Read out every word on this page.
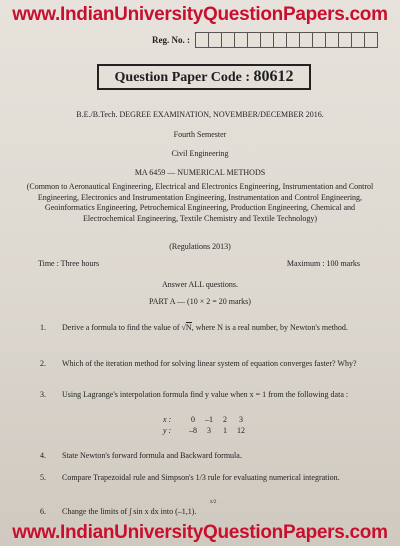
www.IndianUniversityQuestionPapers.com
Reg. No. :
Question Paper Code : 80612
B.E./B.Tech. DEGREE EXAMINATION, NOVEMBER/DECEMBER 2016.
Fourth Semester
Civil Engineering
MA 6459 — NUMERICAL METHODS
(Common to Aeronautical Engineering, Electrical and Electronics Engineering, Instrumentation and Control Engineering, Electronics and Instrumentation Engineering, Instrumentation and Control Engineering, Geoinformatics Engineering, Petrochemical Engineering, Production Engineering, Chemical and Electrochemical Engineering, Textile Chemistry and Textile Technology)
(Regulations 2013)
Time : Three hours	Maximum : 100 marks
Answer ALL questions.
PART A — (10 × 2 = 20 marks)
1.	Derive a formula to find the value of √N, where N is a real number, by Newton's method.
2.	Which of the iteration method for solving linear system of equation converges faster? Why?
3.	Using Lagrange's interpolation formula find y value when x = 1 from the following data :
x :	0	–1	2	3
y :	–8	3	1	12
4.	State Newton's forward formula and Backward formula.
5.	Compare Trapezoidal rule and Simpson's 1/3 rule for evaluating numerical integration.
6.
π/2
Change the limits of ∫ sin x dx into (–1,1).
www.IndianUniversityQuestionPapers.com
